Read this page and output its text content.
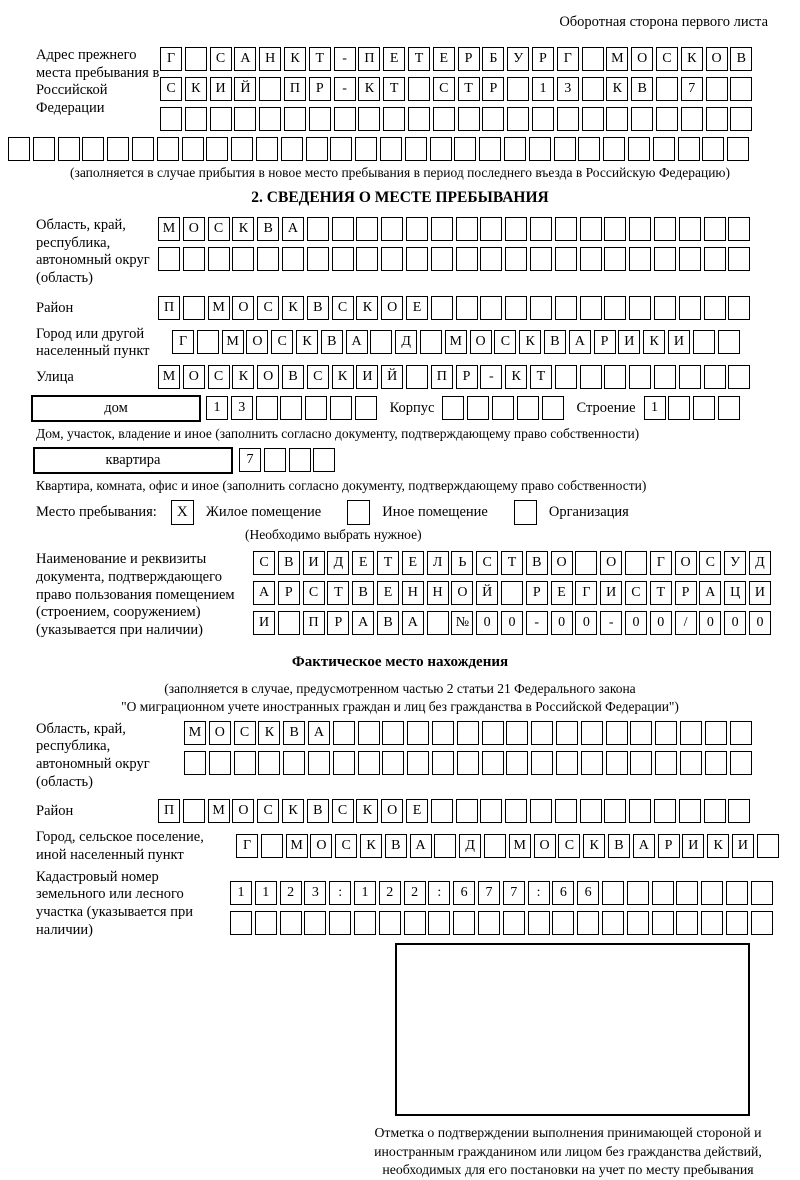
Оборотная сторона первого листа
Адрес прежнего места пребывания в Российской Федерации
Г	С А Н К Т - П Е Т Е Р Б У Р Г	М О С К О В
С К И Й	П Р - К Т	С Т Р	1 3	К В	7
(заполняется в случае прибытия в новое место пребывания в период последнего въезда в Российскую Федерацию)
2. СВЕДЕНИЯ О МЕСТЕ ПРЕБЫВАНИЯ
Область, край, республика, автономный округ (область)
М О С К В А
Район	П	М О С К В С К О Е
Город или другой населенный пункт
Г	М О С К В А	Д	М О С К В А Р И К И
Улица	М О С К О В С К И Й	П Р - К Т
дом	1 3	Корпус	Строение	1
Дом, участок, владение и иное (заполнить согласно документу, подтверждающему право собственности)
квартира	7
Квартира, комната, офис и иное (заполнить согласно документу, подтверждающему право собственности)
Место пребывания:	X	Жилое помещение	Иное помещение	Организация
(Необходимо выбрать нужное)
Наименование и реквизиты документа, подтверждающего право пользования помещением (строением, сооружением) (указывается при наличии)
С В И Д Е Т Е Л Ь С Т В О	О	Г О С У Д
А Р С Т В Е Н Н О Й	Р Е Г И С Т Р А Ц И
И	П Р А В А	№ 0 0 - 0 0 - 0 0 / 0 0 0
Фактическое место нахождения
(заполняется в случае, предусмотренном частью 2 статьи 21 Федерального закона
"О миграционном учете иностранных граждан и лиц без гражданства в Российской Федерации")
Область, край, республика, автономный округ (область)
М О С К В А
Район	П	М О С К В С К О Е
Город, сельское поселение, иной населенный пункт
Г	М О С К В А	Д	М О С К В А Р И К И
Кадастровый номер земельного или лесного участка (указывается при наличии)
1 1 2 3 : 1 2 2 : 6 7 7 : 6 6
Отметка о подтверждении выполнения принимающей стороной и иностранным гражданином или лицом без гражданства действий, необходимых для его постановки на учет по месту пребывания
